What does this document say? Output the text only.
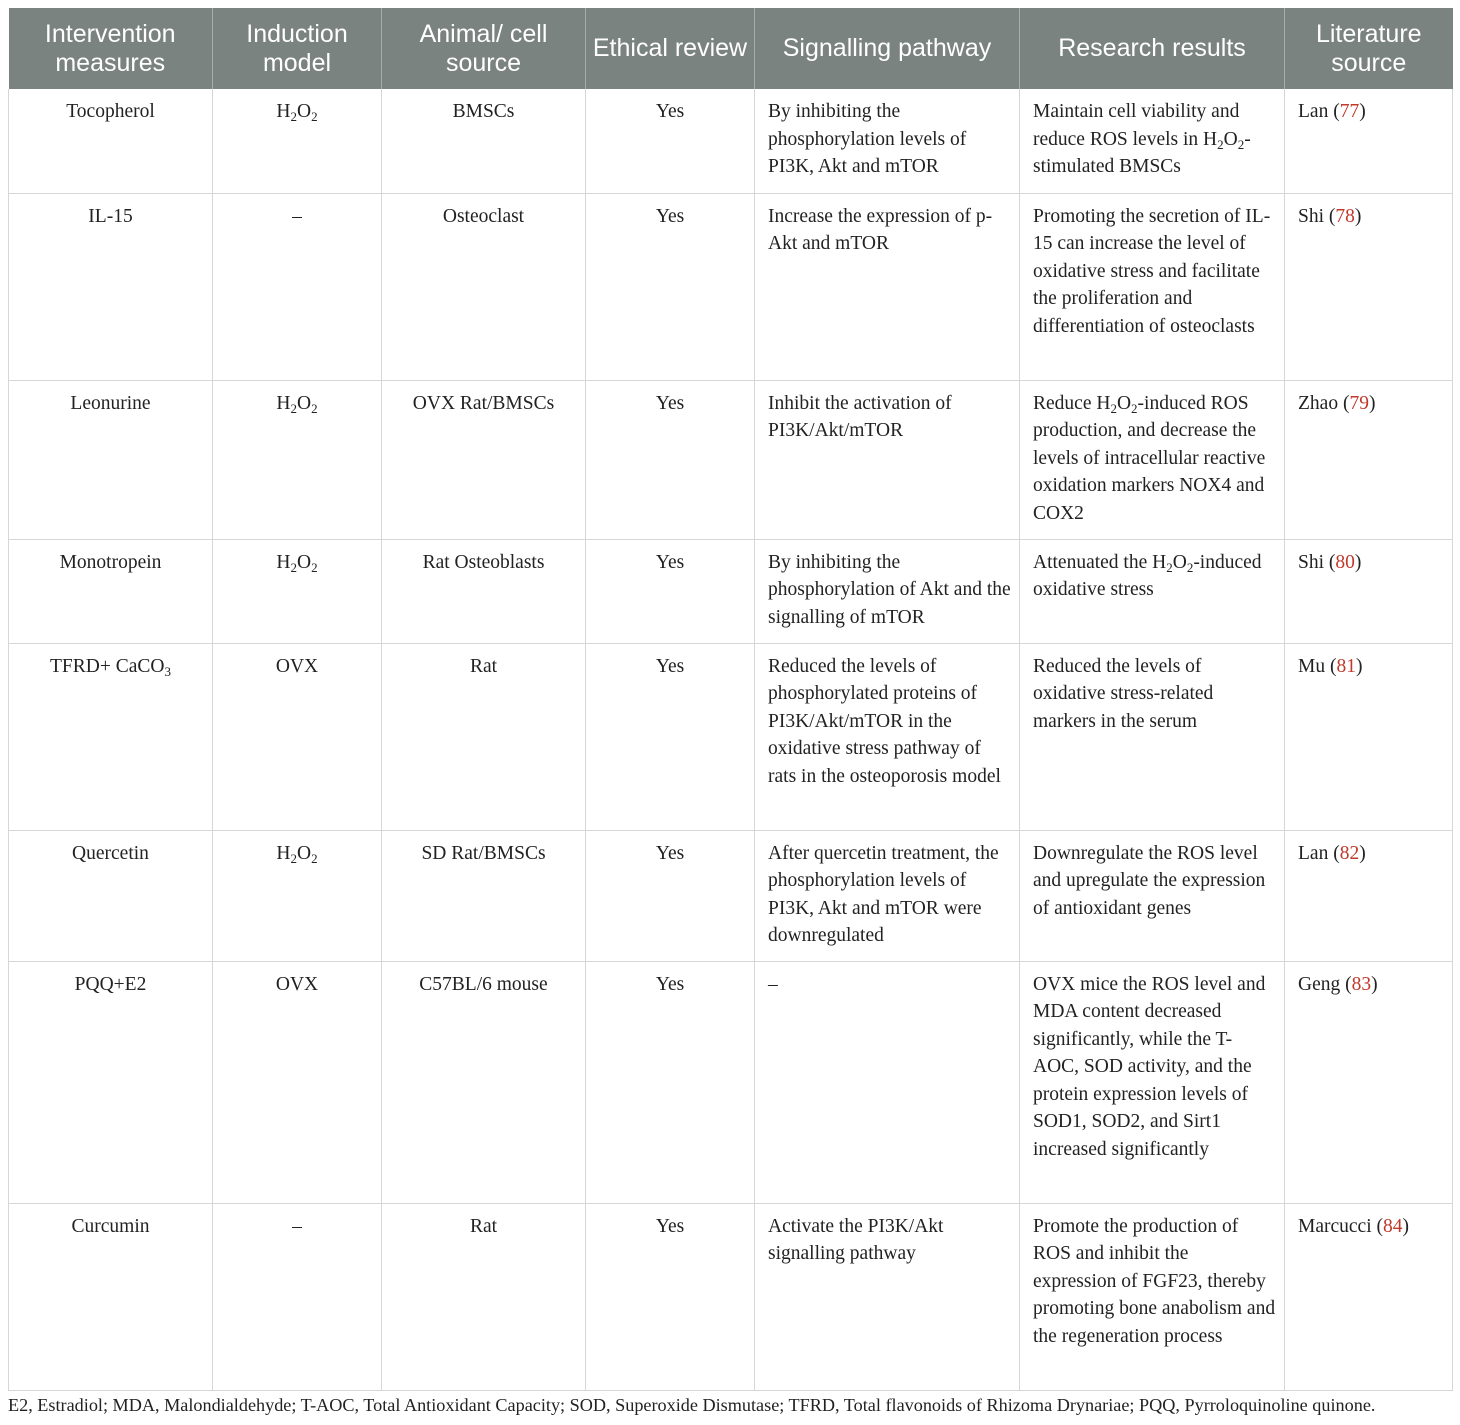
Intervention measures	Induction model	Animal/ cell source	Ethical review	Signalling pathway	Research results	Literature source
Tocopherol	$H_2O_2$	BMSCs	Yes	By inhibiting the phosphorylation levels of PI3K, Akt and mTOR	Maintain cell viability and reduce ROS levels in $H_2O_2$-stimulated BMSCs	Lan (77)
IL-15	–	Osteoclast	Yes	Increase the expression of p-Akt and mTOR	Promoting the secretion of IL-15 can increase the level of oxidative stress and facilitate the proliferation and differentiation of osteoclasts	Shi (78)
Leonurine	$H_2O_2$	OVX Rat/BMSCs	Yes	Inhibit the activation of PI3K/Akt/mTOR	Reduce $H_2O_2$-induced ROS production, and decrease the levels of intracellular reactive oxidation markers NOX4 and COX2	Zhao (79)
Monotropein	$H_2O_2$	Rat Osteoblasts	Yes	By inhibiting the phosphorylation of Akt and the signalling of mTOR	Attenuated the $H_2O_2$-induced oxidative stress	Shi (80)
TFRD+ CaCO$_3$	OVX	Rat	Yes	Reduced the levels of phosphorylated proteins of PI3K/Akt/mTOR in the oxidative stress pathway of rats in the osteoporosis model	Reduced the levels of oxidative stress-related markers in the serum	Mu (81)
Quercetin	$H_2O_2$	SD Rat/BMSCs	Yes	After quercetin treatment, the phosphorylation levels of PI3K, Akt and mTOR were downregulated	Downregulate the ROS level and upregulate the expression of antioxidant genes	Lan (82)
PQQ+E2	OVX	C57BL/6 mouse	Yes	–	OVX mice the ROS level and MDA content decreased significantly, while the T-AOC, SOD activity, and the protein expression levels of SOD1, SOD2, and Sirt1 increased significantly	Geng (83)
Curcumin	–	Rat	Yes	Activate the PI3K/Akt signalling pathway	Promote the production of ROS and inhibit the expression of FGF23, thereby promoting bone anabolism and the regeneration process	Marcucci (84)
E2, Estradiol; MDA, Malondialdehyde; T-AOC, Total Antioxidant Capacity; SOD, Superoxide Dismutase; TFRD, Total flavonoids of Rhizoma Drynariae; PQQ, Pyrroloquinoline quinone.
